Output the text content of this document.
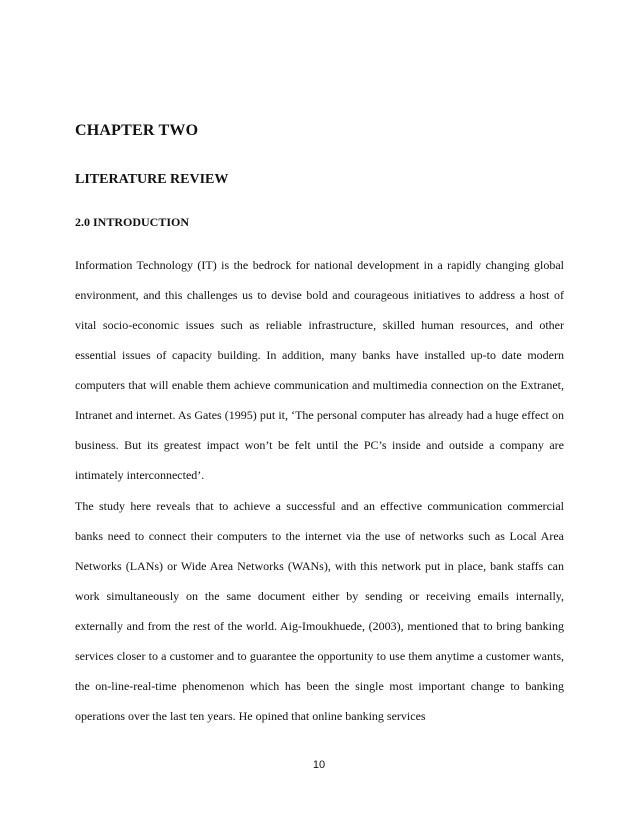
CHAPTER TWO
LITERATURE REVIEW
2.0 INTRODUCTION

Information Technology (IT) is the bedrock for national development in a rapidly changing global environment, and this challenges us to devise bold and courageous initiatives to address a host of vital socio-economic issues such as reliable infrastructure, skilled human resources, and other essential issues of capacity building. In addition, many banks have installed up-to date modern computers that will enable them achieve communication and multimedia connection on the Extranet, Intranet and internet. As Gates (1995) put it, ‘The personal computer has already had a huge effect on business. But its greatest impact won’t be felt until the PC’s inside and outside a company are intimately interconnected’.

The study here reveals that to achieve a successful and an effective communication commercial banks need to connect their computers to the internet via the use of networks such as Local Area Networks (LANs) or Wide Area Networks (WANs), with this network put in place, bank staffs can work simultaneously on the same document either by sending or receiving emails internally, externally and from the rest of the world. Aig-Imoukhuede, (2003), mentioned that to bring banking services closer to a customer and to guarantee the opportunity to use them anytime a customer wants, the on-line-real-time phenomenon which has been the single most important change to banking operations over the last ten years. He opined that online banking services

10
